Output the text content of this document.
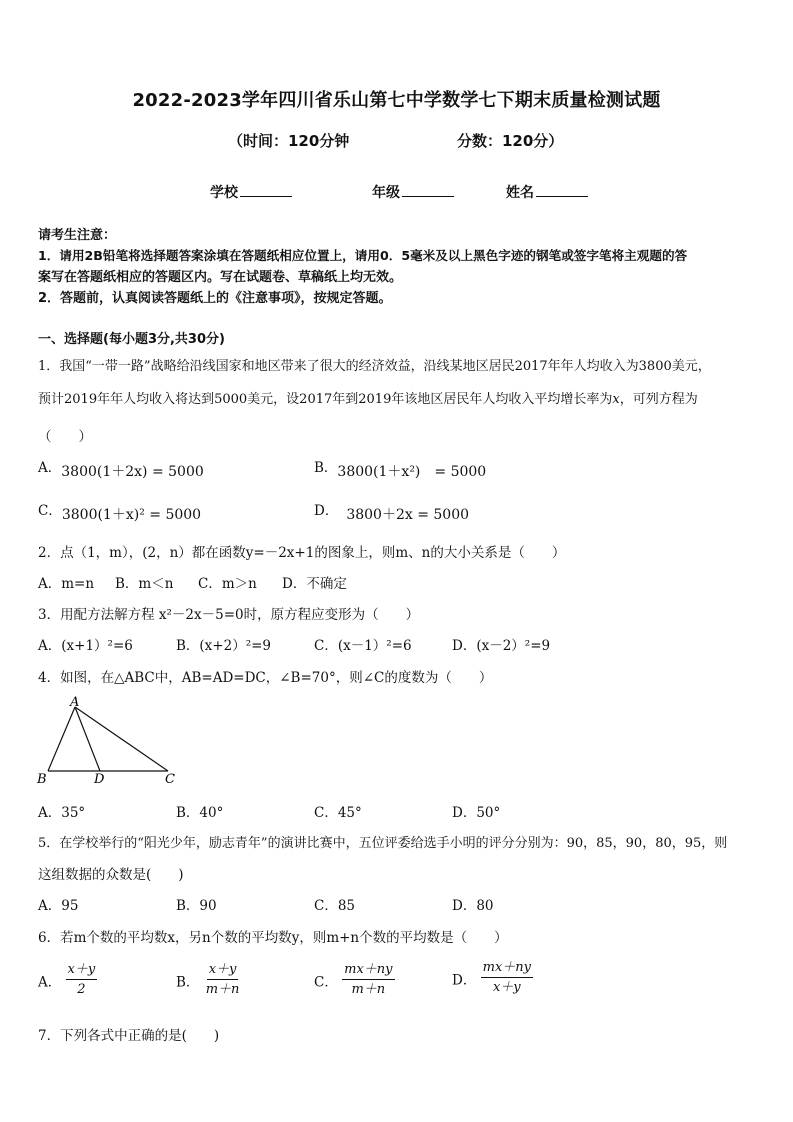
2022-2023学年四川省乐山第七中学数学七下期末质量检测试题
（时间：120分钟	分数：120分）
学校	年级	姓名
请考生注意：
1．请用2B铅笔将选择题答案涂填在答题纸相应位置上，请用0．5毫米及以上黑色字迹的钢笔或签字笔将主观题的答
案写在答题纸相应的答题区内。写在试题卷、草稿纸上均无效。
2．答题前，认真阅读答题纸上的《注意事项》，按规定答题。
一、选择题(每小题3分,共30分)
1．我国“一带一路”战略给沿线国家和地区带来了很大的经济效益，沿线某地区居民2017年年人均收入为3800美元，
预计2019年年人均收入将达到5000美元，设2017年到2019年该地区居民年人均收入平均增长率为x，可列方程为
（　　）
A．3800(1＋2x) = 5000	B．3800(1＋x²)　= 5000
C．3800(1＋x)² = 5000	D． 3800＋2x = 5000
2．点（1，m），(2，n）都在函数y=－2x+1的图象上，则m、n的大小关系是（　　）
A．m=n B．m＜n C．m＞n D．不确定
3．用配方法解方程 x²－2x－5=0时，原方程应变形为（　　）
A．(x+1）²=6	B．(x+2）²=9	C．(x－1）²=6	D．(x－2）²=9
4．如图，在△ABC中，AB=AD=DC，∠B=70°，则∠C的度数为（　　）
A
B	D	C
A．35°	B．40°	C．45°	D．50°
5．在学校举行的“阳光少年，励志青年”的演讲比赛中，五位评委给选手小明的评分分别为：90，85，90，80，95，则
这组数据的众数是(　　)
A．95	B．90	C．85	D．80
6．若m个数的平均数x，另n个数的平均数y，则m+n个数的平均数是（　　）
A． $\frac{x+y}{2}$	B． $\frac{x+y}{m+n}$	C． $\frac{mx+ny}{m+n}$	D． $\frac{mx+ny}{x+y}$
7．下列各式中正确的是(　　)
